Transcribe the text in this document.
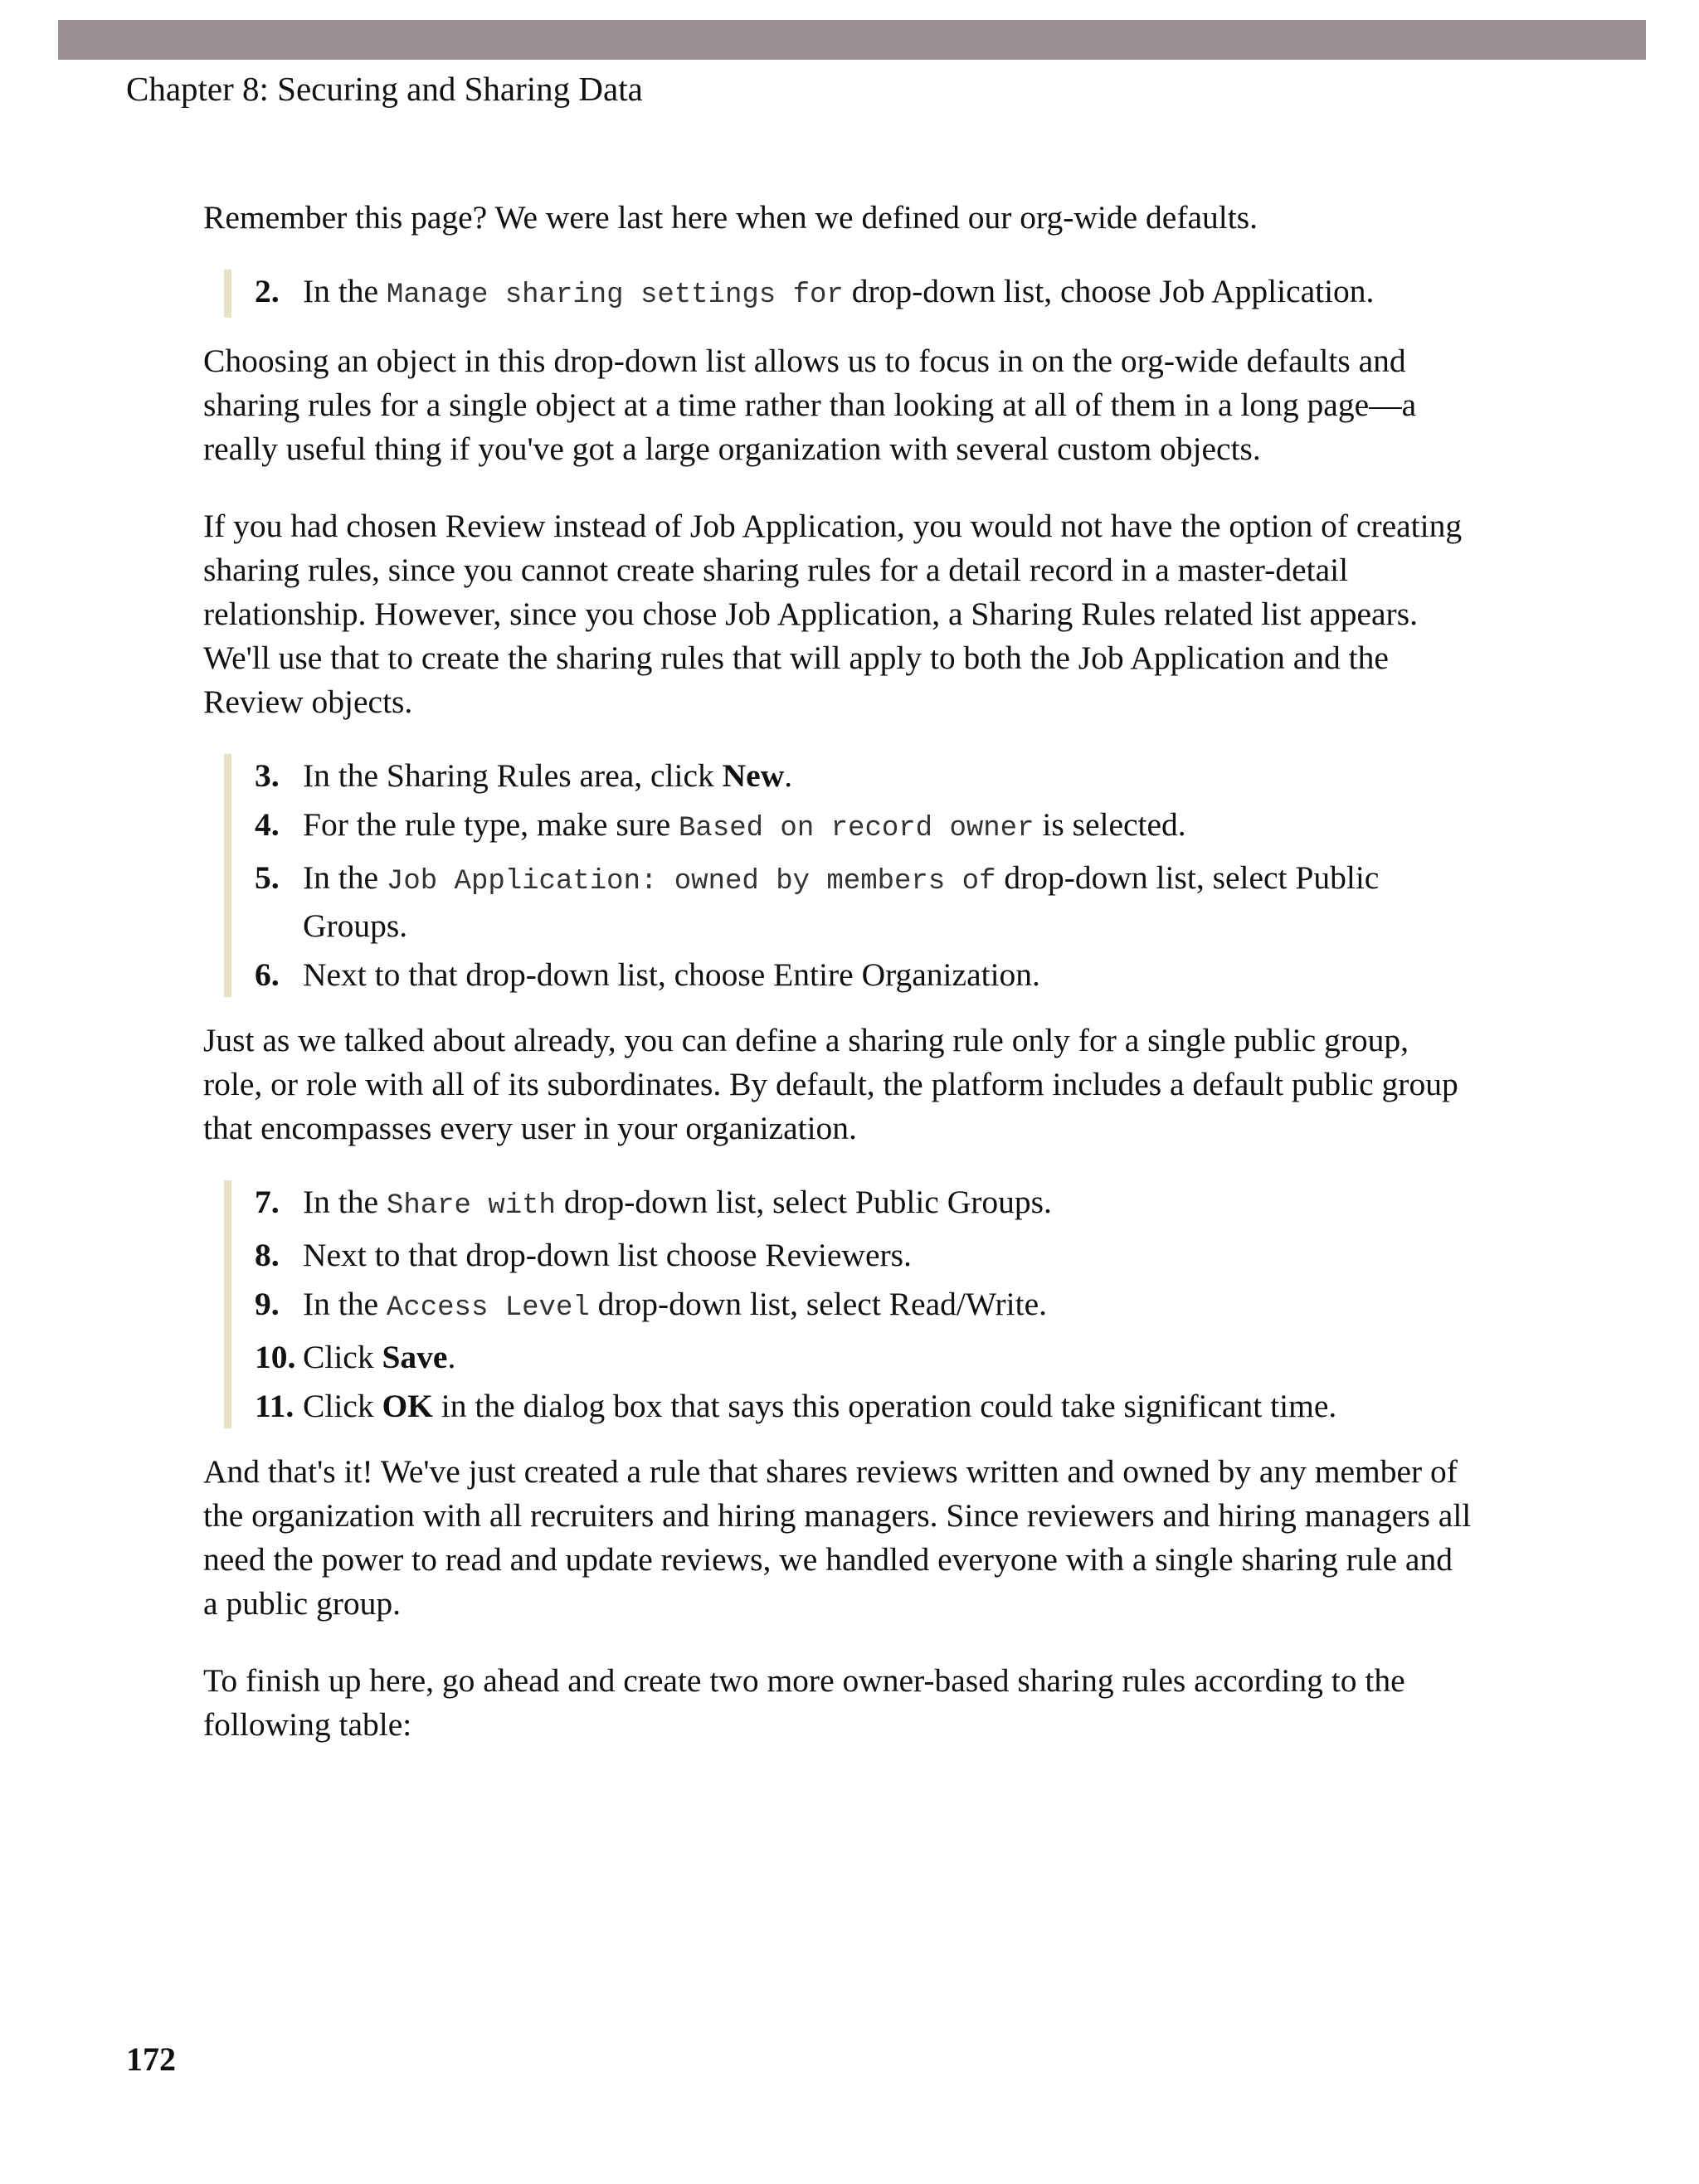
Chapter 8: Securing and Sharing Data

Remember this page? We were last here when we defined our org-wide defaults.

2. In the Manage sharing settings for drop-down list, choose Job Application.

Choosing an object in this drop-down list allows us to focus in on the org-wide defaults and sharing rules for a single object at a time rather than looking at all of them in a long page—a really useful thing if you've got a large organization with several custom objects.

If you had chosen Review instead of Job Application, you would not have the option of creating sharing rules, since you cannot create sharing rules for a detail record in a master-detail relationship. However, since you chose Job Application, a Sharing Rules related list appears. We'll use that to create the sharing rules that will apply to both the Job Application and the Review objects.

3. In the Sharing Rules area, click New.
4. For the rule type, make sure Based on record owner is selected.
5. In the Job Application: owned by members of drop-down list, select Public Groups.
6. Next to that drop-down list, choose Entire Organization.

Just as we talked about already, you can define a sharing rule only for a single public group, role, or role with all of its subordinates. By default, the platform includes a default public group that encompasses every user in your organization.

7. In the Share with drop-down list, select Public Groups.
8. Next to that drop-down list choose Reviewers.
9. In the Access Level drop-down list, select Read/Write.
10. Click Save.
11. Click OK in the dialog box that says this operation could take significant time.

And that's it! We've just created a rule that shares reviews written and owned by any member of the organization with all recruiters and hiring managers. Since reviewers and hiring managers all need the power to read and update reviews, we handled everyone with a single sharing rule and a public group.

To finish up here, go ahead and create two more owner-based sharing rules according to the following table:

172
